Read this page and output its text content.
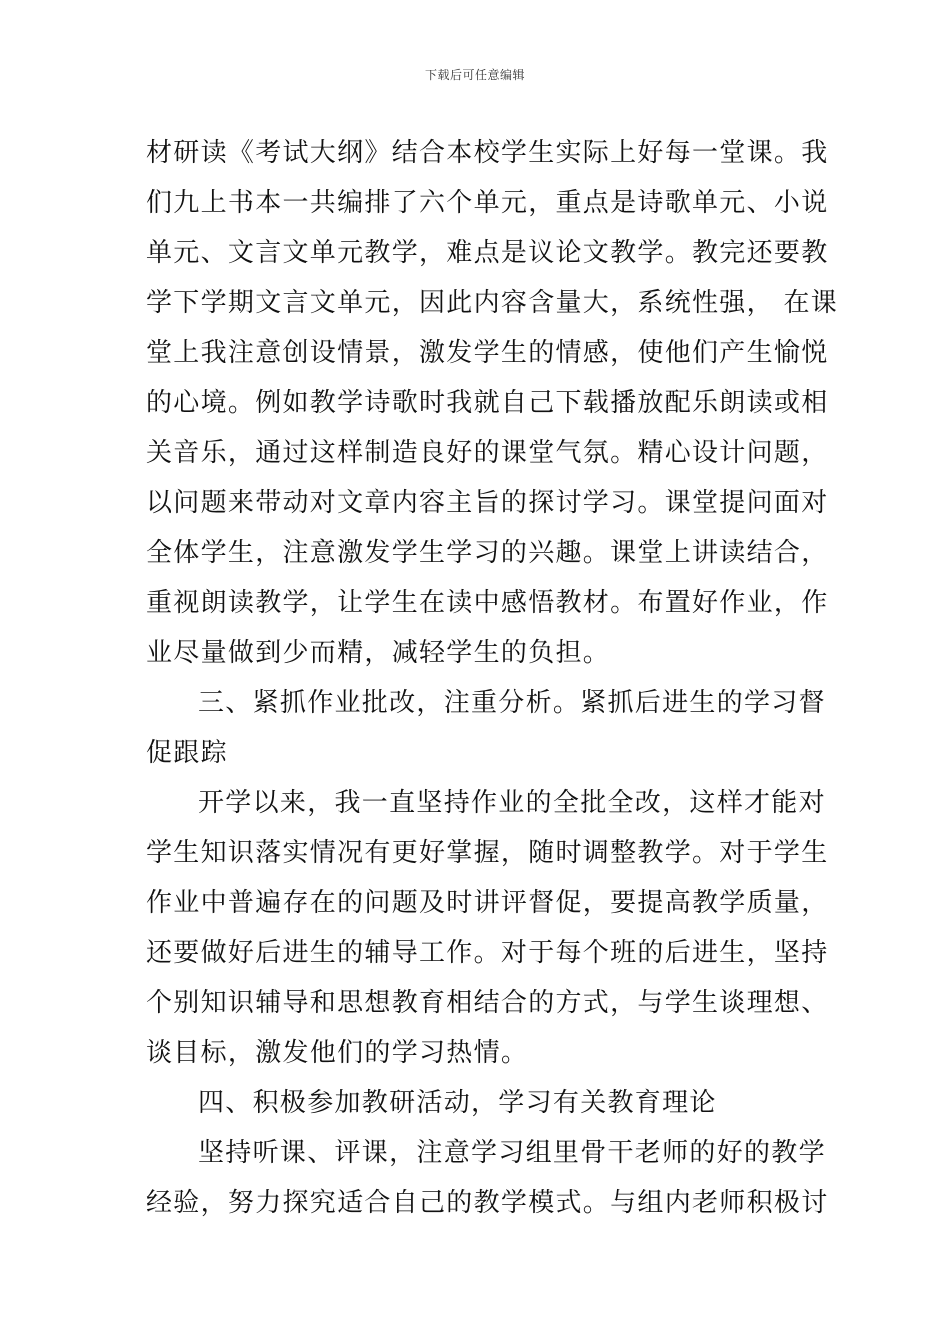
下载后可任意编辑
材研读《考试大纲》结合本校学生实际上好每一堂课。我
们九上书本一共编排了六个单元，重点是诗歌单元、小说
单元、文言文单元教学，难点是议论文教学。教完还要教
学下学期文言文单元，因此内容含量大，系统性强， 在课
堂上我注意创设情景，激发学生的情感，使他们产生愉悦
的心境。例如教学诗歌时我就自己下载播放配乐朗读或相
关音乐，通过这样制造良好的课堂气氛。精心设计问题，
以问题来带动对文章内容主旨的探讨学习。课堂提问面对
全体学生，注意激发学生学习的兴趣。课堂上讲读结合，
重视朗读教学，让学生在读中感悟教材。布置好作业，作
业尽量做到少而精，减轻学生的负担。
三、紧抓作业批改，注重分析。紧抓后进生的学习督
促跟踪
开学以来，我一直坚持作业的全批全改，这样才能对
学生知识落实情况有更好掌握，随时调整教学。对于学生
作业中普遍存在的问题及时讲评督促，要提高教学质量，
还要做好后进生的辅导工作。对于每个班的后进生，坚持
个别知识辅导和思想教育相结合的方式，与学生谈理想、
谈目标，激发他们的学习热情。
四、积极参加教研活动，学习有关教育理论
坚持听课、评课，注意学习组里骨干老师的好的教学
经验，努力探究适合自己的教学模式。与组内老师积极讨
